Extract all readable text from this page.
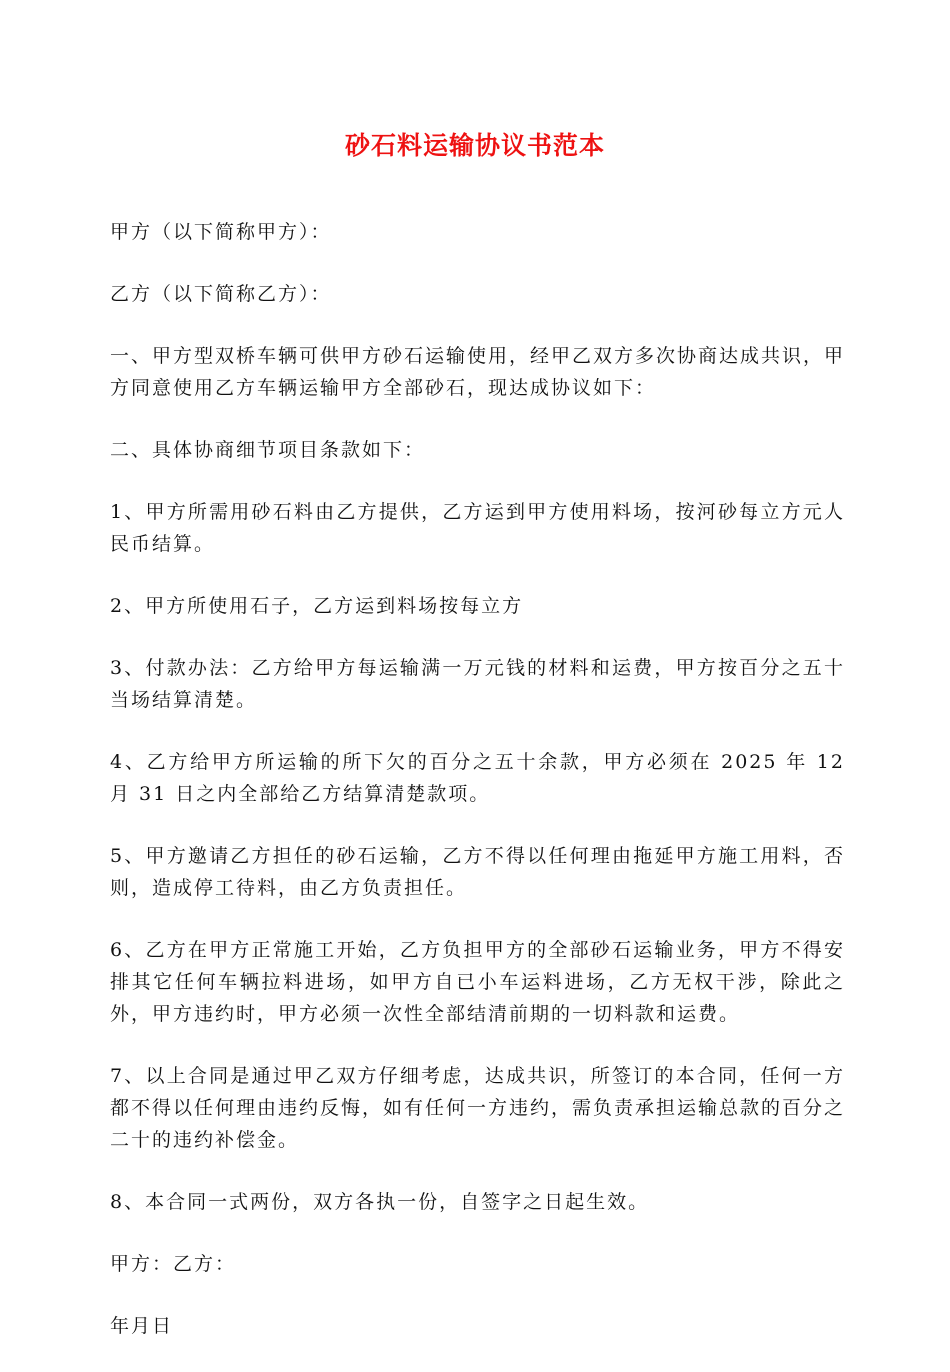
砂石料运输协议书范本

甲方（以下简称甲方）：

乙方（以下简称乙方）：

一、甲方型双桥车辆可供甲方砂石运输使用，经甲乙双方多次协商达成共识，甲方同意使用乙方车辆运输甲方全部砂石，现达成协议如下：

二、具体协商细节项目条款如下：

1、甲方所需用砂石料由乙方提供，乙方运到甲方使用料场，按河砂每立方元人民币结算。

2、甲方所使用石子，乙方运到料场按每立方

3、付款办法：乙方给甲方每运输满一万元钱的材料和运费，甲方按百分之五十当场结算清楚。

4、乙方给甲方所运输的所下欠的百分之五十余款，甲方必须在 2025 年 12 月 31 日之内全部给乙方结算清楚款项。

5、甲方邀请乙方担任的砂石运输，乙方不得以任何理由拖延甲方施工用料，否则，造成停工待料，由乙方负责担任。

6、乙方在甲方正常施工开始，乙方负担甲方的全部砂石运输业务，甲方不得安排其它任何车辆拉料进场，如甲方自已小车运料进场，乙方无权干涉，除此之外，甲方违约时，甲方必须一次性全部结清前期的一切料款和运费。

7、以上合同是通过甲乙双方仔细考虑，达成共识，所签订的本合同，任何一方都不得以任何理由违约反悔，如有任何一方违约，需负责承担运输总款的百分之二十的违约补偿金。

8、本合同一式两份，双方各执一份，自签字之日起生效。

甲方：乙方：

年月日
